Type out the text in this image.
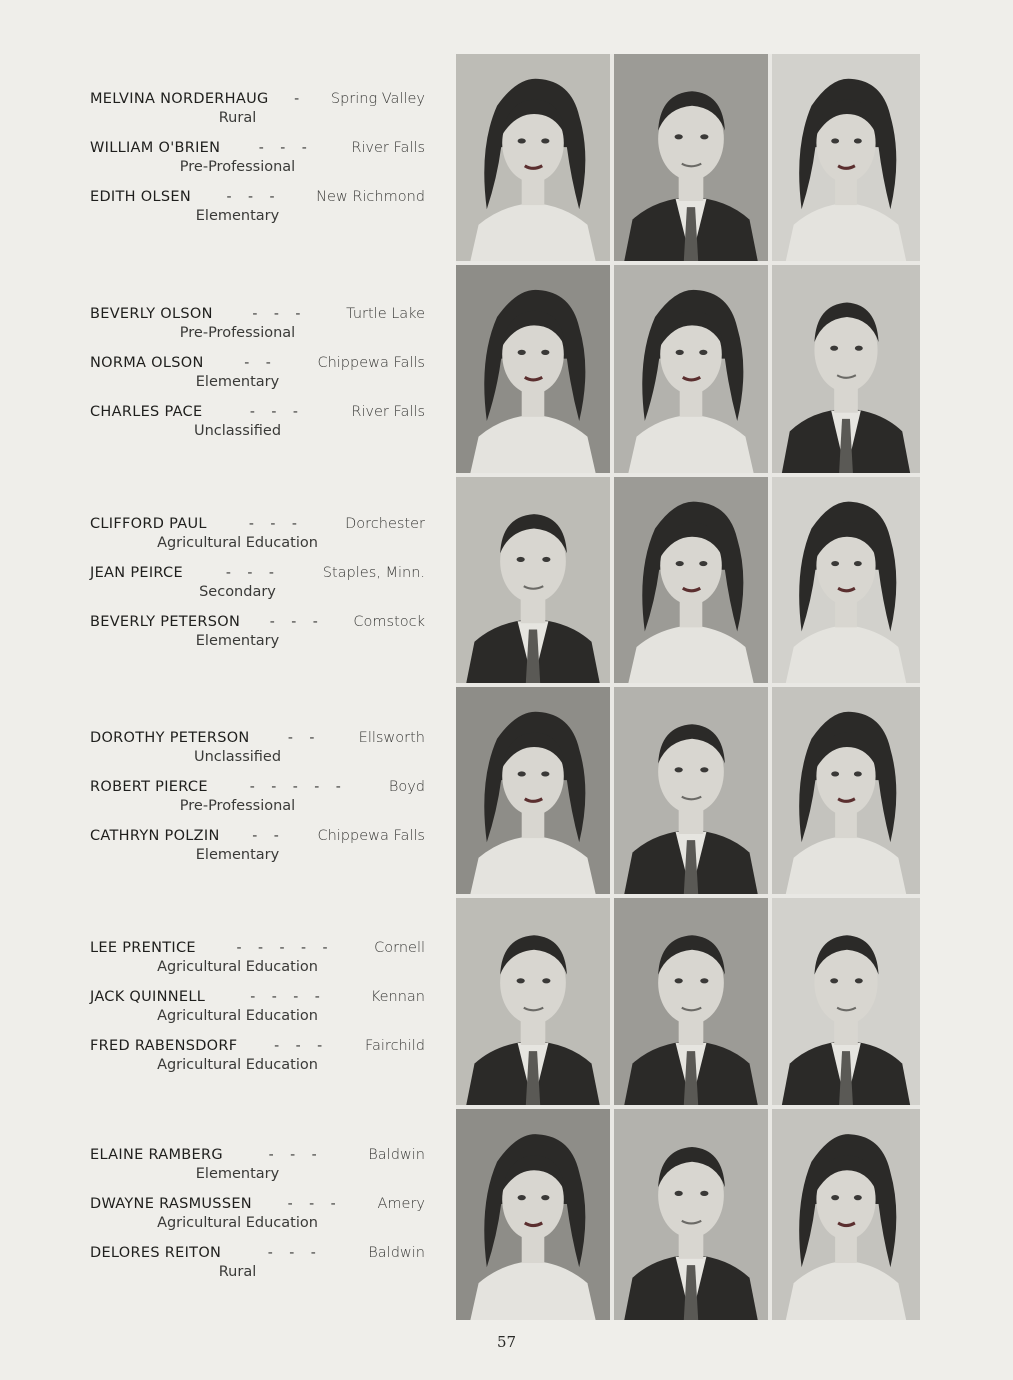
MELVINA NORDERHAUG	-	Spring Valley
Rural
WILLIAM O'BRIEN	- - -	River Falls
Pre-Professional
EDITH OLSEN	- - -	New Richmond
Elementary
BEVERLY OLSON	- - -	Turtle Lake
Pre-Professional
NORMA OLSON	- -	Chippewa Falls
Elementary
CHARLES PACE	- - -	River Falls
Unclassified
CLIFFORD PAUL	- - -	Dorchester
Agricultural Education
JEAN PEIRCE	- - -	Staples, Minn.
Secondary
BEVERLY PETERSON	- - -	Comstock
Elementary
DOROTHY PETERSON	- -	Ellsworth
Unclassified
ROBERT PIERCE	- - - - -	Boyd
Pre-Professional
CATHRYN POLZIN	- -	Chippewa Falls
Elementary
LEE PRENTICE	- - - - -	Cornell
Agricultural Education
JACK QUINNELL	- - - -	Kennan
Agricultural Education
FRED RABENSDORF	- - -	Fairchild
Agricultural Education
ELAINE RAMBERG	- - -	Baldwin
Elementary
DWAYNE RASMUSSEN	- - -	Amery
Agricultural Education
DELORES REITON	- - -	Baldwin
Rural
57
